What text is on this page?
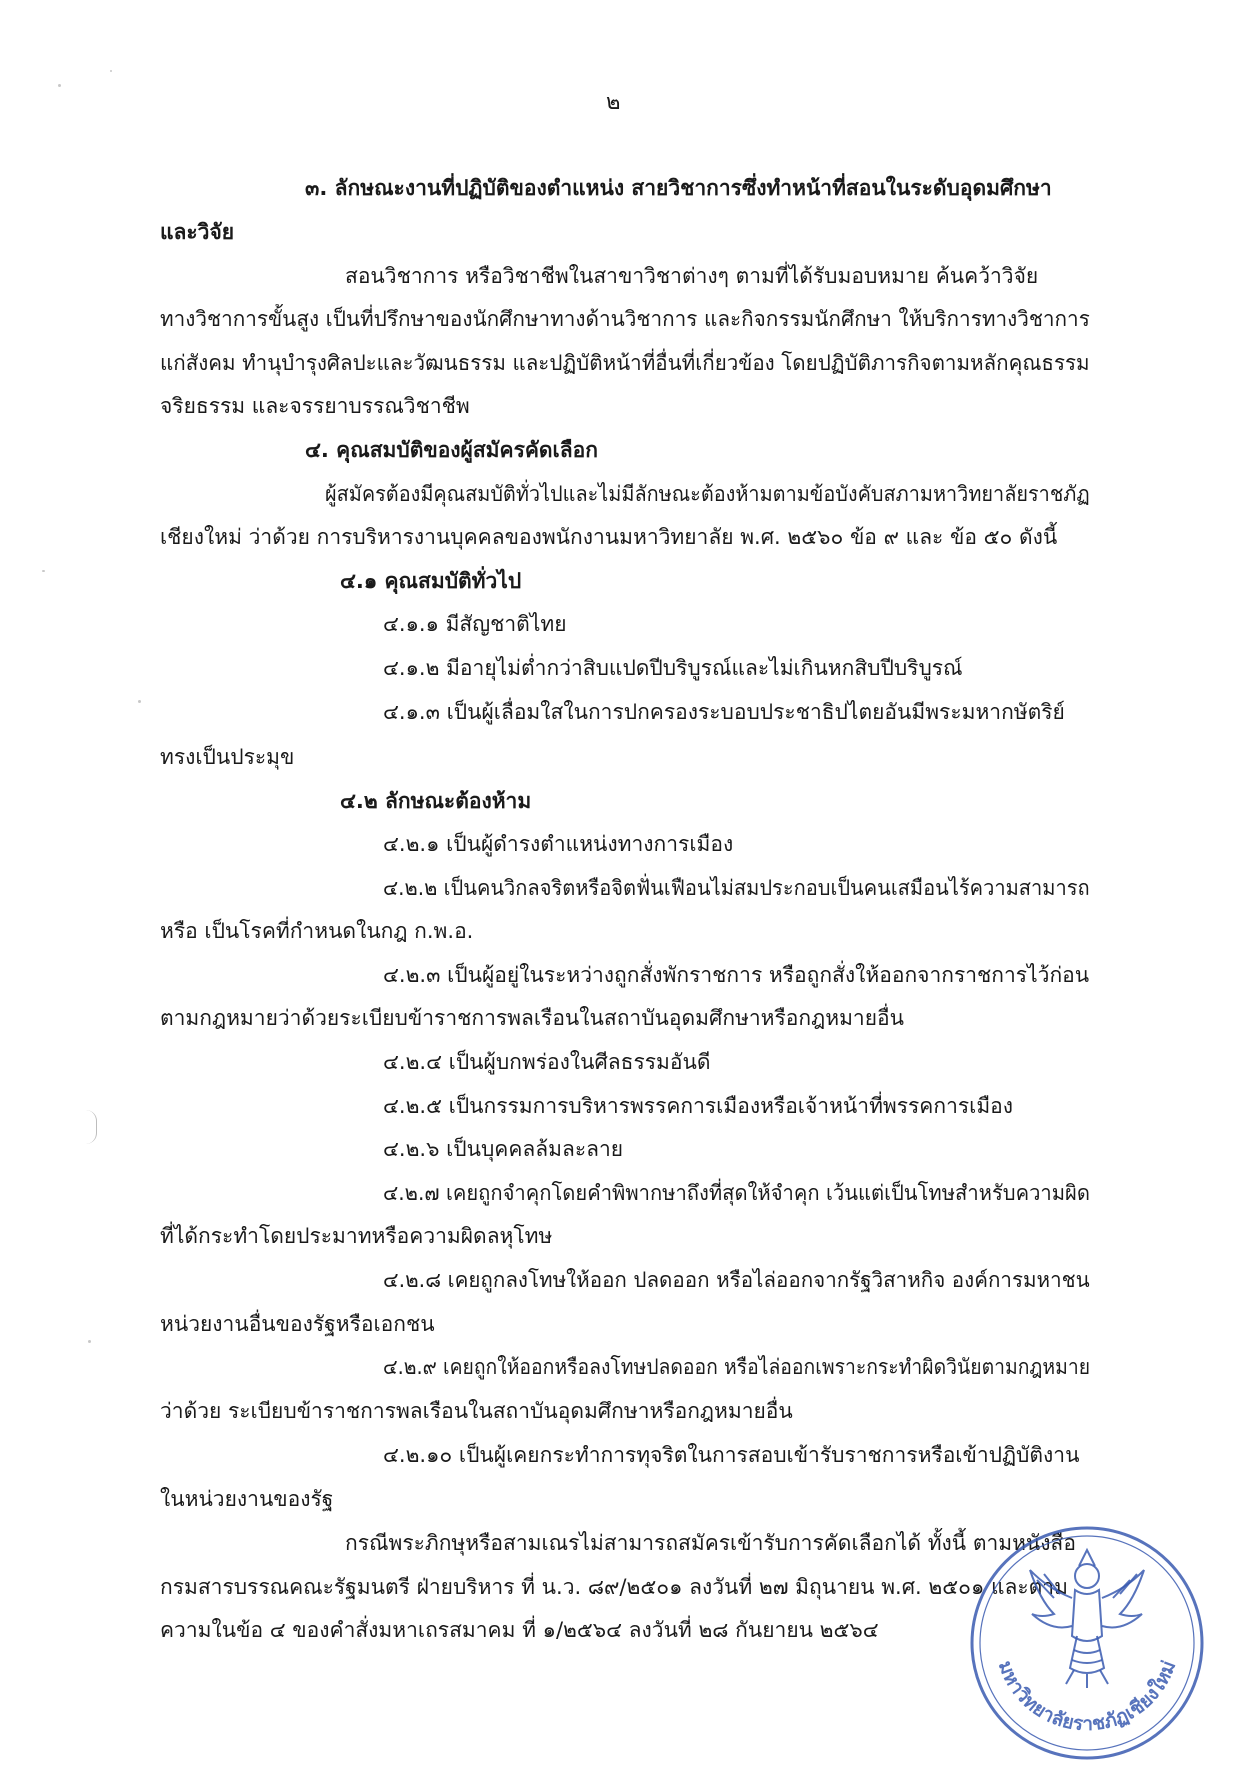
๒
๓. ลักษณะงานที่ปฏิบัติของตำแหน่ง สายวิชาการซึ่งทำหน้าที่สอนในระดับอุดมศึกษา
และวิจัย
สอนวิชาการ หรือวิชาชีพในสาขาวิชาต่างๆ ตามที่ได้รับมอบหมาย ค้นคว้าวิจัย
ทางวิชาการขั้นสูง เป็นที่ปรึกษาของนักศึกษาทางด้านวิชาการ และกิจกรรมนักศึกษา ให้บริการทางวิชาการ
แก่สังคม ทำนุบำรุงศิลปะและวัฒนธรรม และปฏิบัติหน้าที่อื่นที่เกี่ยวข้อง โดยปฏิบัติภารกิจตามหลักคุณธรรม
จริยธรรม และจรรยาบรรณวิชาชีพ
๔. คุณสมบัติของผู้สมัครคัดเลือก
ผู้สมัครต้องมีคุณสมบัติทั่วไปและไม่มีลักษณะต้องห้ามตามข้อบังคับสภามหาวิทยาลัยราชภัฏ
เชียงใหม่ ว่าด้วย การบริหารงานบุคคลของพนักงานมหาวิทยาลัย พ.ศ. ๒๕๖๐ ข้อ ๙ และ ข้อ ๕๐ ดังนี้
๔.๑ คุณสมบัติทั่วไป
๔.๑.๑ มีสัญชาติไทย
๔.๑.๒ มีอายุไม่ต่ำกว่าสิบแปดปีบริบูรณ์และไม่เกินหกสิบปีบริบูรณ์
๔.๑.๓ เป็นผู้เลื่อมใสในการปกครองระบอบประชาธิปไตยอันมีพระมหากษัตริย์
ทรงเป็นประมุข
๔.๒ ลักษณะต้องห้าม
๔.๒.๑ เป็นผู้ดำรงตำแหน่งทางการเมือง
๔.๒.๒ เป็นคนวิกลจริตหรือจิตฟั่นเฟือนไม่สมประกอบเป็นคนเสมือนไร้ความสามารถ
หรือ เป็นโรคที่กำหนดในกฎ ก.พ.อ.
๔.๒.๓ เป็นผู้อยู่ในระหว่างถูกสั่งพักราชการ หรือถูกสั่งให้ออกจากราชการไว้ก่อน
ตามกฎหมายว่าด้วยระเบียบข้าราชการพลเรือนในสถาบันอุดมศึกษาหรือกฎหมายอื่น
๔.๒.๔ เป็นผู้บกพร่องในศีลธรรมอันดี
๔.๒.๕ เป็นกรรมการบริหารพรรคการเมืองหรือเจ้าหน้าที่พรรคการเมือง
๔.๒.๖ เป็นบุคคลล้มละลาย
๔.๒.๗ เคยถูกจำคุกโดยคำพิพากษาถึงที่สุดให้จำคุก เว้นแต่เป็นโทษสำหรับความผิด
ที่ได้กระทำโดยประมาทหรือความผิดลหุโทษ
๔.๒.๘ เคยถูกลงโทษให้ออก ปลดออก หรือไล่ออกจากรัฐวิสาหกิจ องค์การมหาชน
หน่วยงานอื่นของรัฐหรือเอกชน
๔.๒.๙ เคยถูกให้ออกหรือลงโทษปลดออก หรือไล่ออกเพราะกระทำผิดวินัยตามกฎหมาย
ว่าด้วย ระเบียบข้าราชการพลเรือนในสถาบันอุดมศึกษาหรือกฎหมายอื่น
๔.๒.๑๐ เป็นผู้เคยกระทำการทุจริตในการสอบเข้ารับราชการหรือเข้าปฏิบัติงาน
ในหน่วยงานของรัฐ
กรณีพระภิกษุหรือสามเณรไม่สามารถสมัครเข้ารับการคัดเลือกได้ ทั้งนี้ ตามหนังสือ
กรมสารบรรณคณะรัฐมนตรี ฝ่ายบริหาร ที่ น.ว. ๘๙/๒๕๐๑ ลงวันที่ ๒๗ มิถุนายน พ.ศ. ๒๕๐๑ และตาม
ความในข้อ ๔ ของคำสั่งมหาเถรสมาคม ที่ ๑/๒๕๖๔ ลงวันที่ ๒๘ กันยายน ๒๕๖๔
มหาวิทยาลัยราชภัฏเชียงใหม่
